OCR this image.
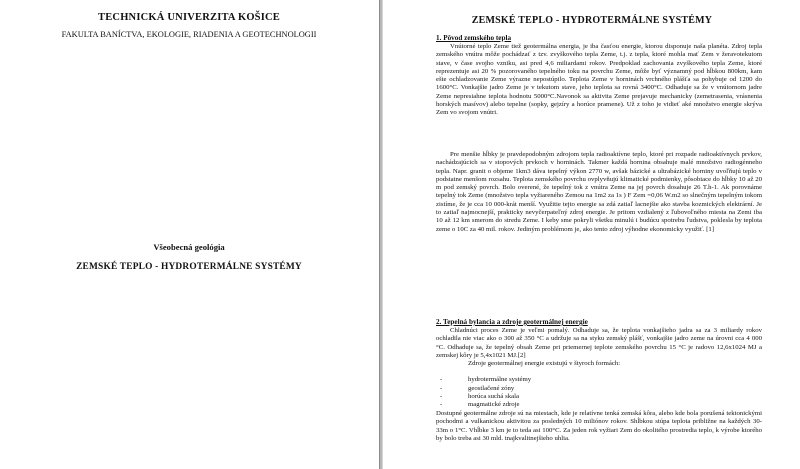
TECHNICKÁ UNIVERZITA KOŠICE
FAKULTA BANÍCTVA, EKOLOGIE, RIADENIA A GEOTECHNOLOGII
Všeobecná geológia
ZEMSKÉ TEPLO - HYDROTERMÁLNE SYSTÉMY
ZEMSKÉ TEPLO - HYDROTERMÁLNE SYSTÉMY
1. Pôvod zemského tepla

Vnútorné teplo Zeme tiež geotermálna energia, je iba časťou energie, ktorou disponuje naša planéta. Zdroj tepla zemského vnútra môže pochádzať z tzv. zvyškového tepla Zeme, t.j. z tepla, ktoré mohla mať Zem v žeravotekutom stave, v čase svojho vzniku, asi pred 4,6 miliardami rokov. Predpoklad zachovania zvyškového tepla Zeme, ktoré reprezentuje asi 20 % pozorovaného tepelného toku na povrchu Zeme, môže byť významný pod hĺbkou 800km, kam ešte ochladzovanie Zeme výrazne nepostúpilo. Teplota Zeme v horninách vrchného plášťa sa pohybuje od 1200 do 1600°C. Vonkajšie jadro Zeme je v tekutom stave, jeho teplota sa rovná 3400°C. Odhaduje sa že v vnútornom jadre Zeme nepresiahne teplota hodnotu 5000°C.Navonok sa aktivita Zeme prejavuje mechanicky (zemetrasenia, vrásnenia horských masívov) alebo tepelne (sopky, gejzíry a horúce pramene). Už z toho je vidieť aké množstvo energie skrýva Zem vo svojom vnútri.

Pre menšie hĺbky je pravdepodobným zdrojom tepla radioaktívne teplo, ktoré pri rozpade radioaktívnych prvkov, nachádzajúcich sa v stopových prvkoch v horninách. Takmer každá hornina obsahuje malé množstvo radiogénneho tepla. Napr. granit o objeme 1km3 dáva tepelný výkon 2770 w, avšak bázické a ultrabázické horniny uvoľňujú teplo v podstatne menšom rozsahu. Teplota zemského povrchu ovplyvňujú klimatické podmienky, pôsobiace do hĺbky 10 až 20 m pod zemský povrch. Bolo overené, že tepelný tok z vnútra Zeme na jej povrch dosahuje 26 T.h-1. Ak porovnáme tepelný tok Zeme (množstvo tepla vyžiareného Zemou na 1m2 za 1s ) F Zem =0,06 W.m2 so slnečným tepelným tokom zistíme, že je cca 10 000-krát menší. Využitie tejto energie sa zdá zatiaľ lacnejšie ako stavba kozmických elektrární. Je to zatiaľ najmocnejší, prakticky nevyčerpateľný zdroj energie. Je pritom vzdialený z ľubovoľného miesta na Zemi iba 10 až 12 km smerom do stredu Zeme. I keby sme pokryli všetku minulú i budúcu spotrebu ľudstva, poklesla by teplota zeme o 10C za 40 mil. rokov. Jediným problémom je, ako tento zdroj výhodne ekonomicky využiť. [1]

2. Tepelná bylancia a zdroje geotermálnej energie

Chladnúci proces Zeme je veľmi pomalý. Odhaduje sa, že teplota vonkajšieho jadra sa za 3 miliardy rokov ochladila nie viac ako o 300 až 350 °C a udržuje sa na styku zemský plášť, vonkajšie jadro zeme na úrovni cca 4 000 °C. Odhaduje sa, že tepelný obsah Zeme pri priemernej teplote zemského povrchu 15 °C je radovo 12,6x1024 MJ a zemskej kôry je 5,4x1021 MJ.[2]

Zdroje geotermálnej energie existujú v štyroch formách:
-	hydrotermálne systémy
-	geostlačené zóny
-	horúca suchá skala
-	magmatické zdroje

Dostupné geotermálne zdroje sú na miestach, kde je relatívne tenká zemská kôra, alebo kde bola porušená tektonickými pochodmi a vulkanickou aktivitou za posledných 10 miliónov rokov. Shĺbkou stúpa teplota približne na každých 30-33m o 1°C. Vhĺbke 3 km je to teda asi 100°C. Za jeden rok vyžiari Zem do okolitého prostredia teplo, k výrobe ktorého by bolo treba asi 30 mld. tnajkvalitnejšieho uhlia.
